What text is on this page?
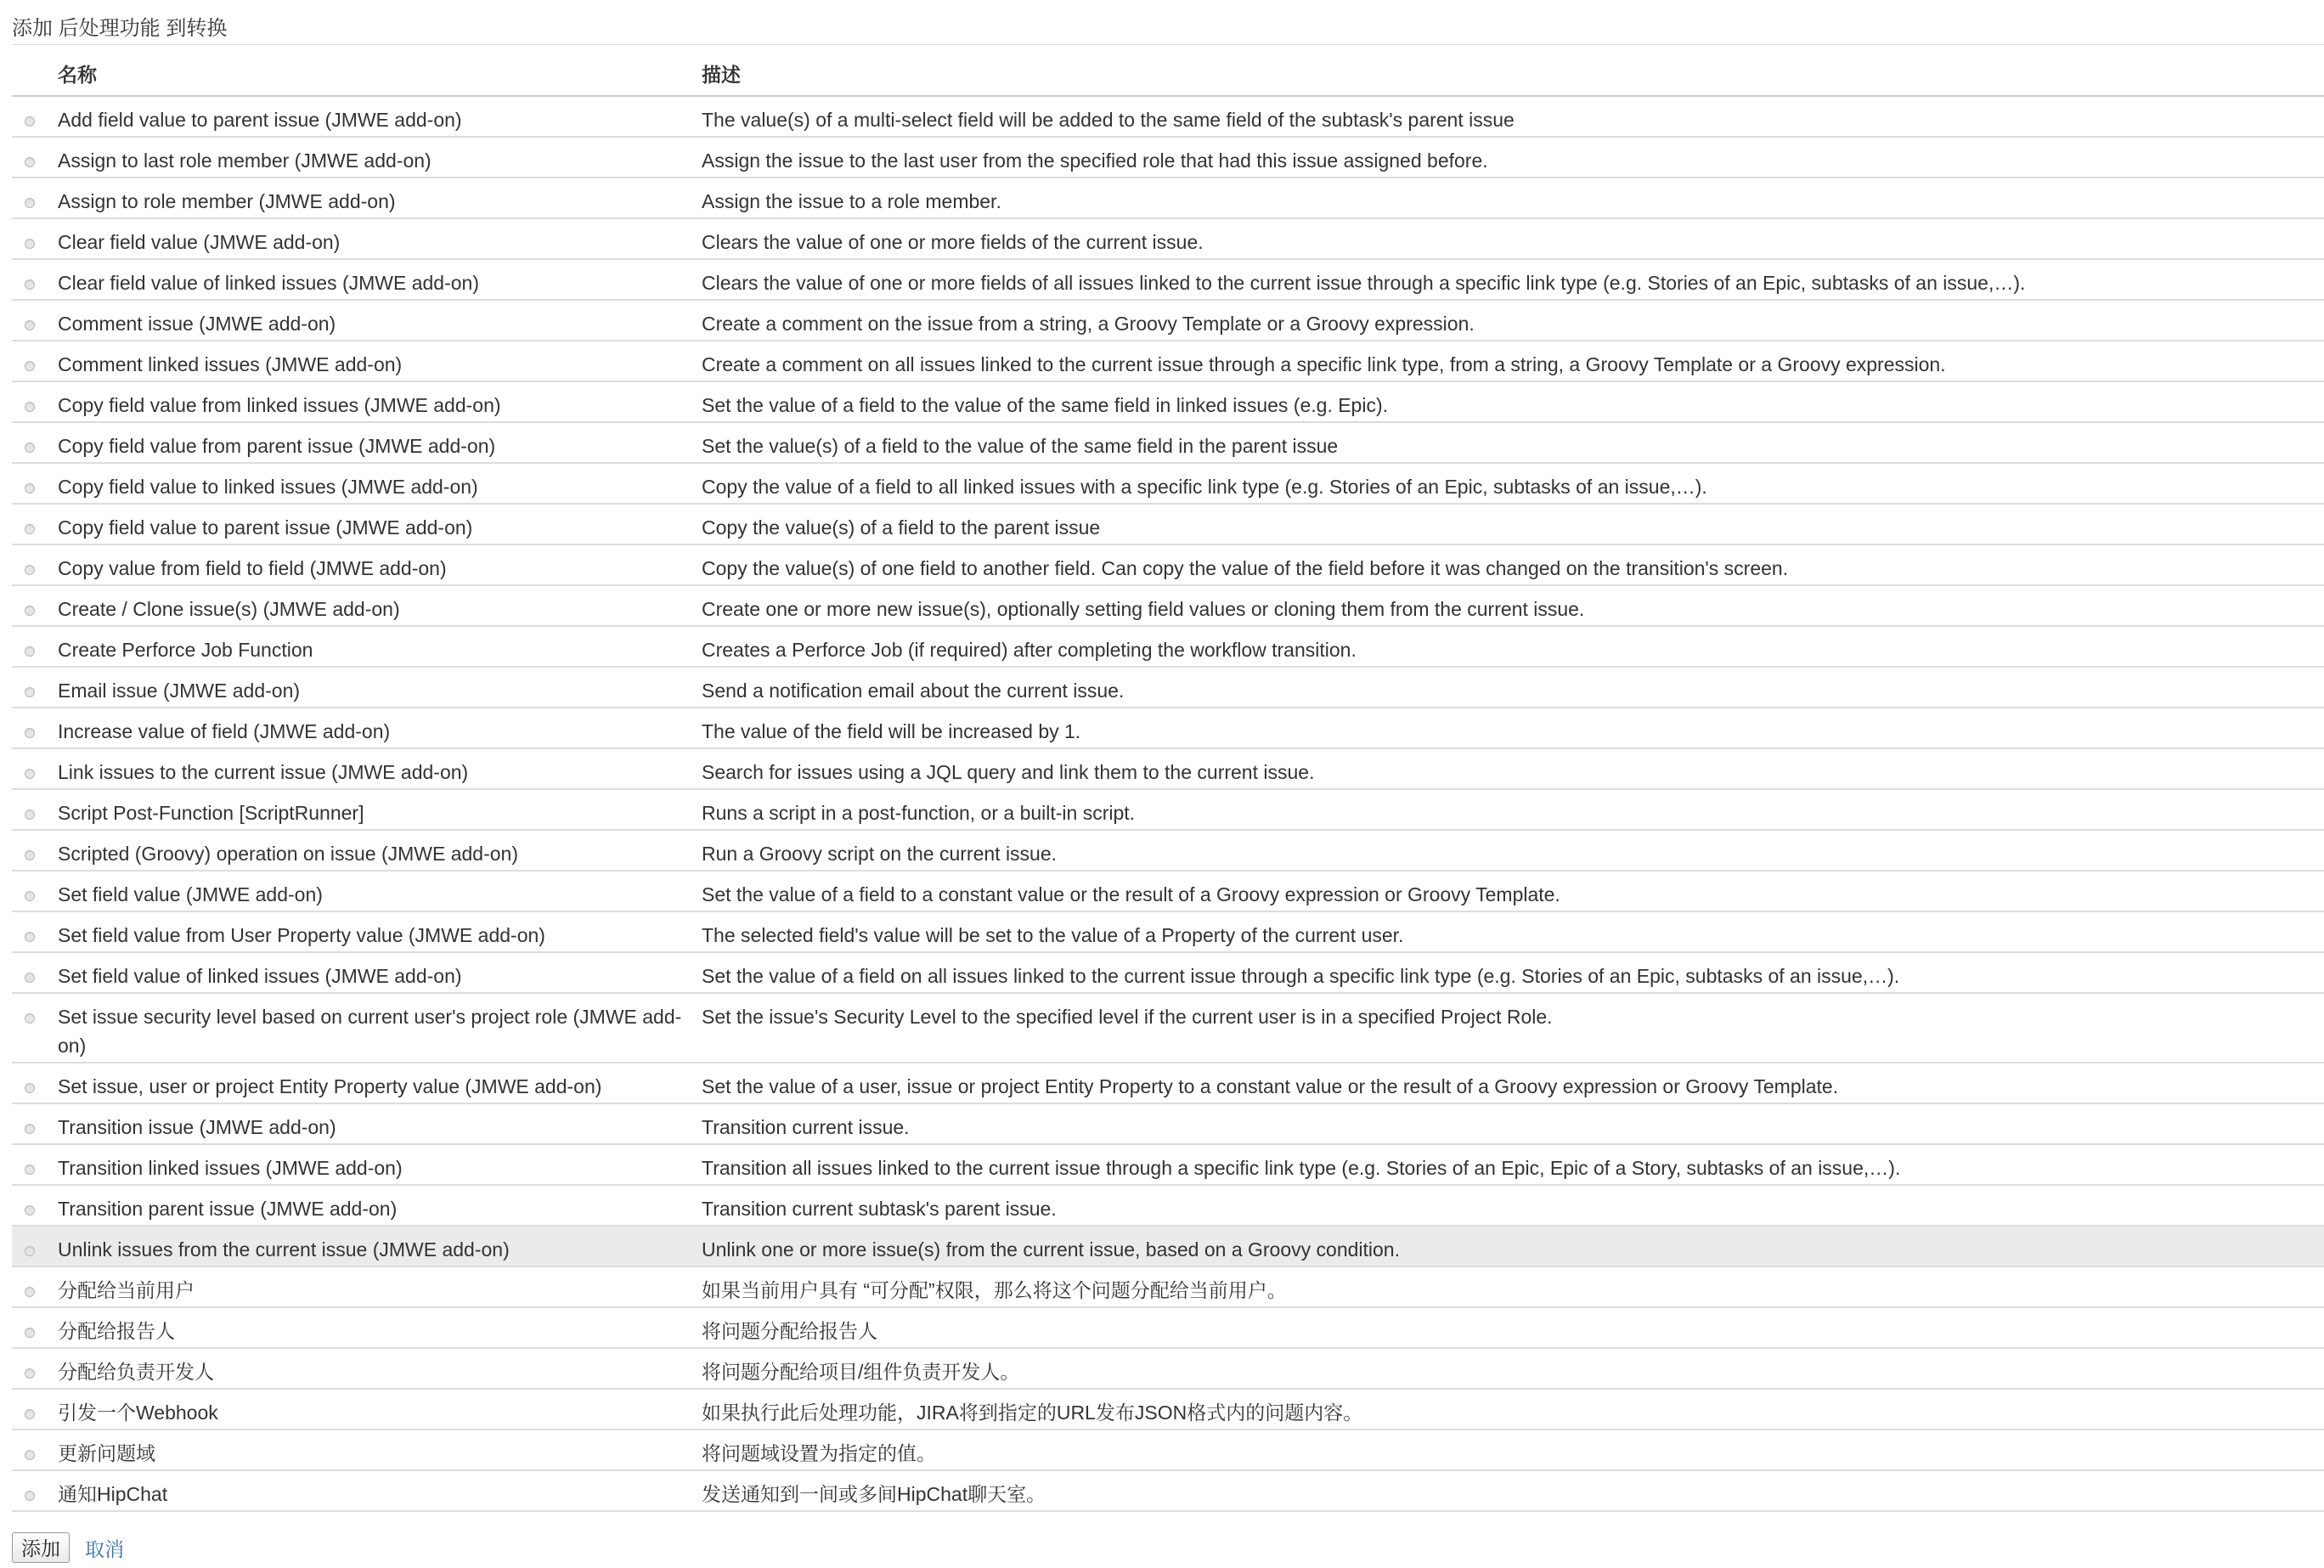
添加 后处理功能 到转换
	名称	描述
	Add field value to parent issue (JMWE add-on)	The value(s) of a multi-select field will be added to the same field of the subtask's parent issue
	Assign to last role member (JMWE add-on)	Assign the issue to the last user from the specified role that had this issue assigned before.
	Assign to role member (JMWE add-on)	Assign the issue to a role member.
	Clear field value (JMWE add-on)	Clears the value of one or more fields of the current issue.
	Clear field value of linked issues (JMWE add-on)	Clears the value of one or more fields of all issues linked to the current issue through a specific link type (e.g. Stories of an Epic, subtasks of an issue,…).
	Comment issue (JMWE add-on)	Create a comment on the issue from a string, a Groovy Template or a Groovy expression.
	Comment linked issues (JMWE add-on)	Create a comment on all issues linked to the current issue through a specific link type, from a string, a Groovy Template or a Groovy expression.
	Copy field value from linked issues (JMWE add-on)	Set the value of a field to the value of the same field in linked issues (e.g. Epic).
	Copy field value from parent issue (JMWE add-on)	Set the value(s) of a field to the value of the same field in the parent issue
	Copy field value to linked issues (JMWE add-on)	Copy the value of a field to all linked issues with a specific link type (e.g. Stories of an Epic, subtasks of an issue,…).
	Copy field value to parent issue (JMWE add-on)	Copy the value(s) of a field to the parent issue
	Copy value from field to field (JMWE add-on)	Copy the value(s) of one field to another field. Can copy the value of the field before it was changed on the transition's screen.
	Create / Clone issue(s) (JMWE add-on)	Create one or more new issue(s), optionally setting field values or cloning them from the current issue.
	Create Perforce Job Function	Creates a Perforce Job (if required) after completing the workflow transition.
	Email issue (JMWE add-on)	Send a notification email about the current issue.
	Increase value of field (JMWE add-on)	The value of the field will be increased by 1.
	Link issues to the current issue (JMWE add-on)	Search for issues using a JQL query and link them to the current issue.
	Script Post-Function [ScriptRunner]	Runs a script in a post-function, or a built-in script.
	Scripted (Groovy) operation on issue (JMWE add-on)	Run a Groovy script on the current issue.
	Set field value (JMWE add-on)	Set the value of a field to a constant value or the result of a Groovy expression or Groovy Template.
	Set field value from User Property value (JMWE add-on)	The selected field's value will be set to the value of a Property of the current user.
	Set field value of linked issues (JMWE add-on)	Set the value of a field on all issues linked to the current issue through a specific link type (e.g. Stories of an Epic, subtasks of an issue,…).
	Set issue security level based on current user's project role (JMWE add-on)	Set the issue's Security Level to the specified level if the current user is in a specified Project Role.
	Set issue, user or project Entity Property value (JMWE add-on)	Set the value of a user, issue or project Entity Property to a constant value or the result of a Groovy expression or Groovy Template.
	Transition issue (JMWE add-on)	Transition current issue.
	Transition linked issues (JMWE add-on)	Transition all issues linked to the current issue through a specific link type (e.g. Stories of an Epic, Epic of a Story, subtasks of an issue,…).
	Transition parent issue (JMWE add-on)	Transition current subtask's parent issue.
	Unlink issues from the current issue (JMWE add-on)	Unlink one or more issue(s) from the current issue, based on a Groovy condition.
	分配给当前用户	如果当前用户具有 “可分配”权限，那么将这个问题分配给当前用户。
	分配给报告人	将问题分配给报告人
	分配给负责开发人	将问题分配给项目/组件负责开发人。
	引发一个Webhook	如果执行此后处理功能，JIRA将到指定的URL发布JSON格式内的问题内容。
	更新问题域	将问题域设置为指定的值。
	通知HipChat	发送通知到一间或多间HipChat聊天室。
添加	取消
